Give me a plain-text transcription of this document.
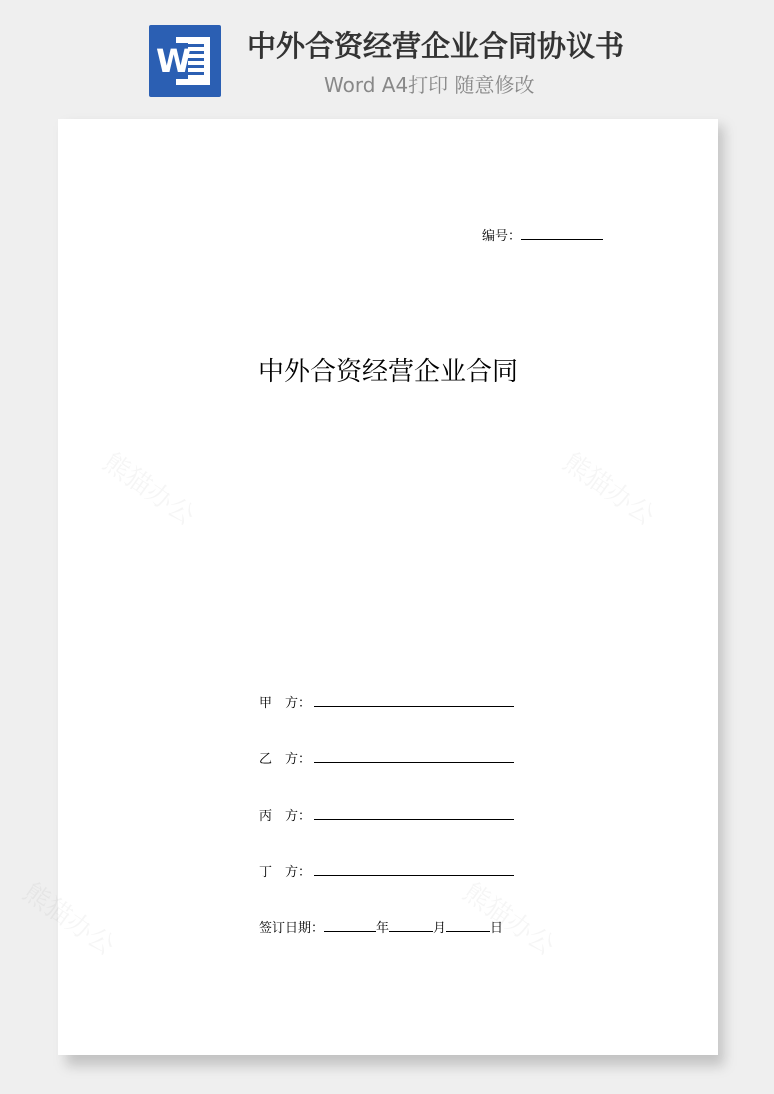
W 中外合资经营企业合同协议书
Word A4打印 随意修改
编号：
中外合资经营企业合同
甲　方：
乙　方：
丙　方：
丁　方：
签订日期：	年	月	日
